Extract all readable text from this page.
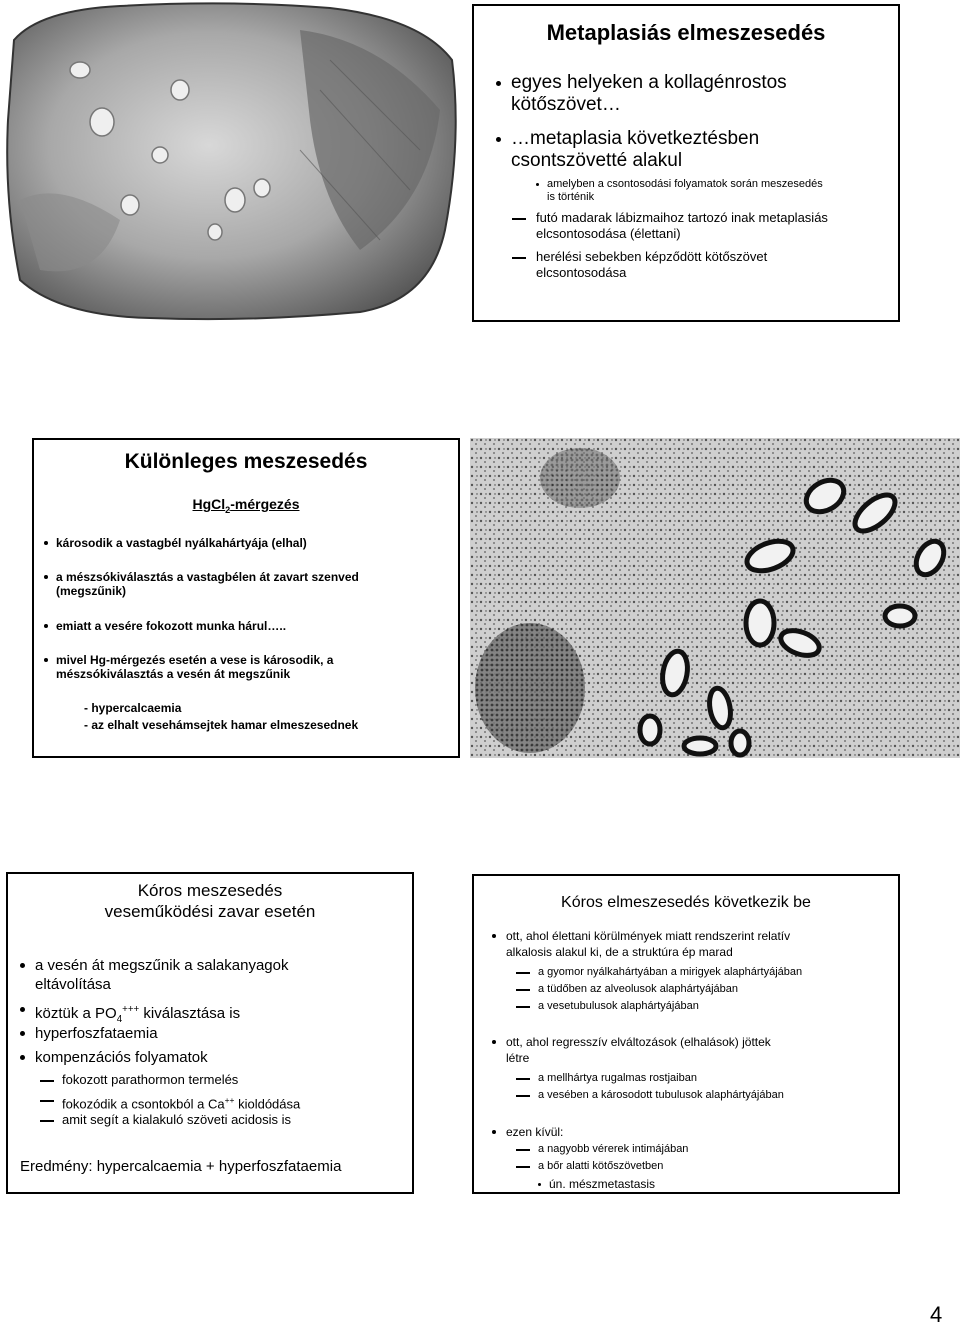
Metaplasiás elmeszesedés
egyes helyeken a kollagénrostos
kötőszövet…
…metaplasia következtésben
csontszövetté alakul
amelyben a csontosodási folyamatok során meszesedés
is történik
futó madarak lábizmaihoz tartozó inak metaplasiás
elcsontosodása (élettani)
herélési sebekben képződött kötőszövet
elcsontosodása
Különleges meszesedés
HgCl$_2$-mérgezés
károsodik a vastagbél nyálkahártyája (elhal)
a mészsókiválasztás a vastagbélen át zavart szenved
(megszűnik)
emiatt a vesére fokozott munka hárul…..
mivel Hg-mérgezés esetén a vese is károsodik, a
mészsókiválasztás a vesén át megszűnik
- hypercalcaemia
- az elhalt vesehámsejtek hamar elmeszesednek
Kóros meszesedés
veseműködési zavar esetén
a vesén át megszűnik a salakanyagok
eltávolítása
köztük a $PO_4^{+++}$ kiválasztása is
hyperfoszfataemia
kompenzációs folyamatok
fokozott parathormon termelés
fokozódik a csontokból a Ca++ kioldódása
amit segít a kialakuló szöveti acidosis is
Eredmény: hypercalcaemia + hyperfoszfataemia
Kóros elmeszesedés következik be
ott, ahol élettani körülmények miatt rendszerint relatív
alkalosis alakul ki, de a struktúra ép marad
a gyomor nyálkahártyában a mirigyek alaphártyájában
a tüdőben az alveolusok alaphártyájában
a vesetubulusok alaphártyájában
ott, ahol regresszív elváltozások (elhalások) jöttek
létre
a mellhártya rugalmas rostjaiban
a vesében a károsodott tubulusok alaphártyájában
ezen kívül:
a nagyobb vérerek intimájában
a bőr alatti kötőszövetben
ún. mészmetastasis
4
